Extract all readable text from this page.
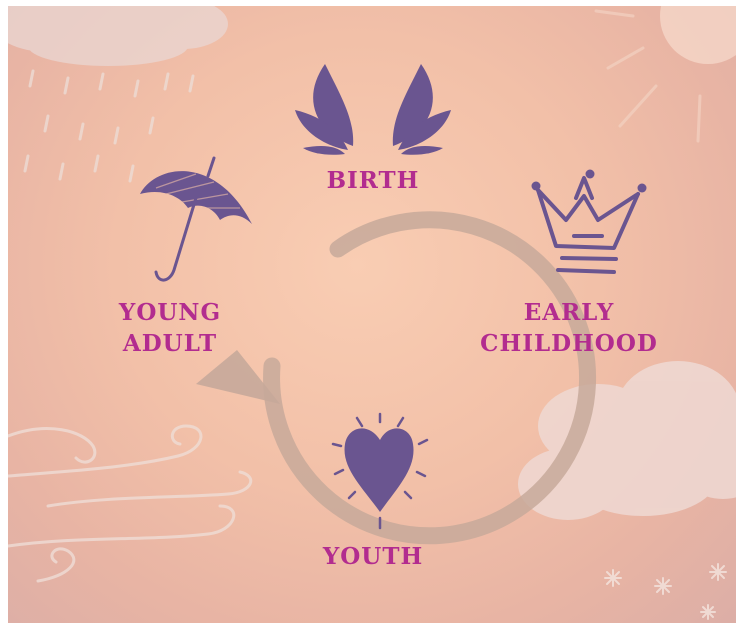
BIRTH
EARLY
CHILDHOOD
YOUTH
YOUNG
ADULT
